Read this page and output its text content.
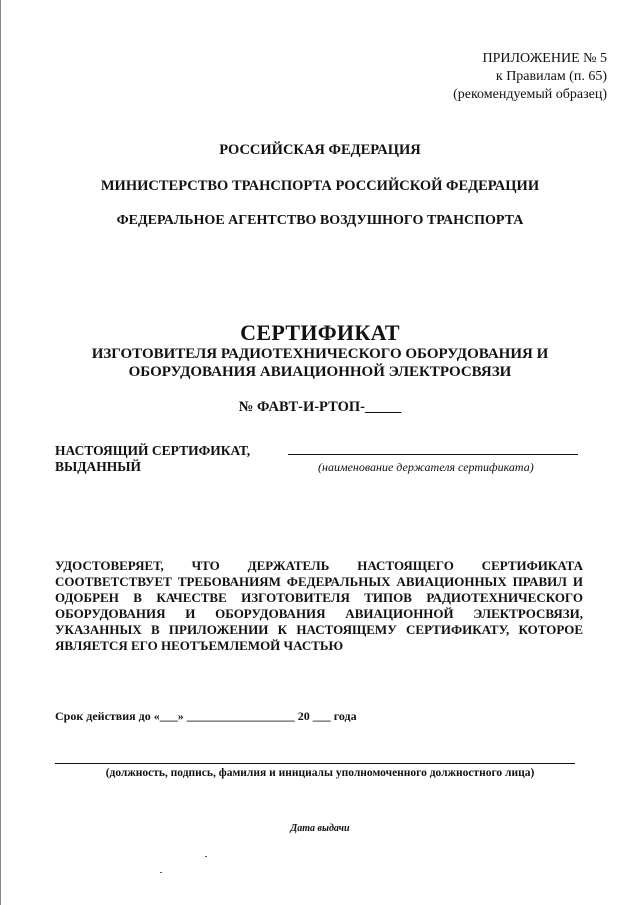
ПРИЛОЖЕНИЕ № 5
к Правилам (п. 65)
(рекомендуемый образец)
РОССИЙСКАЯ ФЕДЕРАЦИЯ
МИНИСТЕРСТВО ТРАНСПОРТА РОССИЙСКОЙ ФЕДЕРАЦИИ
ФЕДЕРАЛЬНОЕ АГЕНТСТВО ВОЗДУШНОГО ТРАНСПОРТА
СЕРТИФИКАТ
ИЗГОТОВИТЕЛЯ РАДИОТЕХНИЧЕСКОГО ОБОРУДОВАНИЯ И
ОБОРУДОВАНИЯ АВИАЦИОННОЙ ЭЛЕКТРОСВЯЗИ
№ ФАВТ-И-РТОП-_____
НАСТОЯЩИЙ СЕРТИФИКАТ,
ВЫДАННЫЙ	(наименование держателя сертификата)
УДОСТОВЕРЯЕТ, ЧТО ДЕРЖАТЕЛЬ НАСТОЯЩЕГО СЕРТИФИКАТА СООТВЕТСТВУЕТ ТРЕБОВАНИЯМ ФЕДЕРАЛЬНЫХ АВИАЦИОННЫХ ПРАВИЛ И ОДОБРЕН В КАЧЕСТВЕ ИЗГОТОВИТЕЛЯ ТИПОВ РАДИОТЕХНИЧЕСКОГО ОБОРУДОВАНИЯ И ОБОРУДОВАНИЯ АВИАЦИОННОЙ ЭЛЕКТРОСВЯЗИ, УКАЗАННЫХ В ПРИЛОЖЕНИИ К НАСТОЯЩЕМУ СЕРТИФИКАТУ, КОТОРОЕ ЯВЛЯЕТСЯ ЕГО НЕОТЪЕМЛЕМОЙ ЧАСТЬЮ
Срок действия до «___» __________________ 20 ___ года
(должность, подпись, фамилия и инициалы уполномоченного должностного лица)
Дата выдачи
